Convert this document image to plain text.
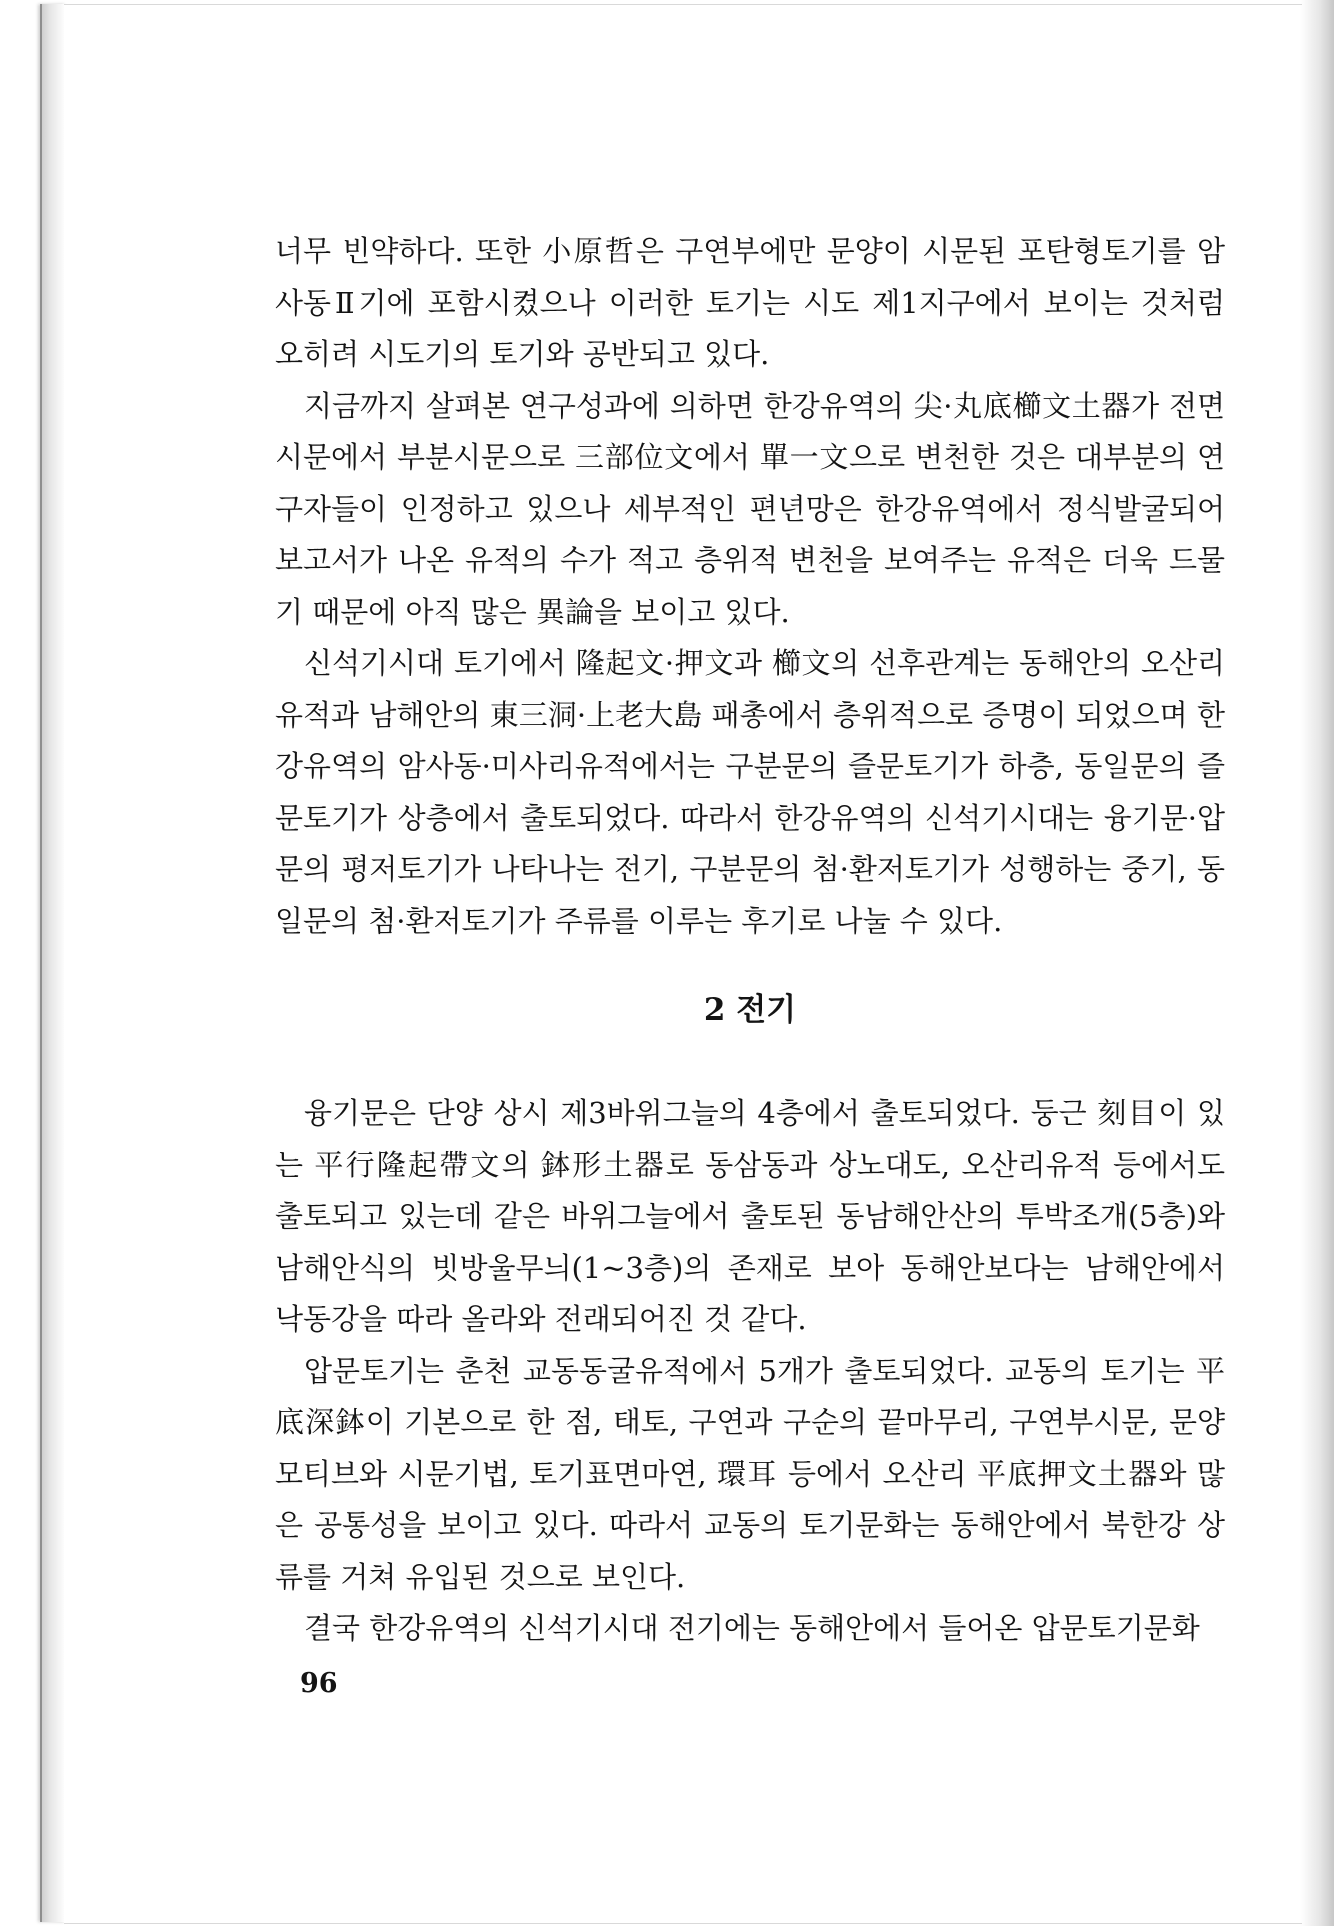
너무 빈약하다. 또한 小原哲은 구연부에만 문양이 시문된 포탄형토기를 암사동Ⅱ기에 포함시켰으나 이러한 토기는 시도 제1지구에서 보이는 것처럼 오히려 시도기의 토기와 공반되고 있다.

지금까지 살펴본 연구성과에 의하면 한강유역의 尖·丸底櫛文土器가 전면시문에서 부분시문으로 三部位文에서 單一文으로 변천한 것은 대부분의 연구자들이 인정하고 있으나 세부적인 편년망은 한강유역에서 정식발굴되어 보고서가 나온 유적의 수가 적고 층위적 변천을 보여주는 유적은 더욱 드물기 때문에 아직 많은 異論을 보이고 있다.

신석기시대 토기에서 隆起文·押文과 櫛文의 선후관계는 동해안의 오산리유적과 남해안의 東三洞·上老大島 패총에서 층위적으로 증명이 되었으며 한강유역의 암사동·미사리유적에서는 구분문의 즐문토기가 하층, 동일문의 즐문토기가 상층에서 출토되었다. 따라서 한강유역의 신석기시대는 융기문·압문의 평저토기가 나타나는 전기, 구분문의 첨·환저토기가 성행하는 중기, 동일문의 첨·환저토기가 주류를 이루는 후기로 나눌 수 있다.

2 전기

융기문은 단양 상시 제3바위그늘의 4층에서 출토되었다. 둥근 刻目이 있는 平行隆起帶文의 鉢形土器로 동삼동과 상노대도, 오산리유적 등에서도 출토되고 있는데 같은 바위그늘에서 출토된 동남해안산의 투박조개(5층)와 남해안식의 빗방울무늬(1~3층)의 존재로 보아 동해안보다는 남해안에서 낙동강을 따라 올라와 전래되어진 것 같다.

압문토기는 춘천 교동동굴유적에서 5개가 출토되었다. 교동의 토기는 平底深鉢이 기본으로 한 점, 태토, 구연과 구순의 끝마무리, 구연부시문, 문양 모티브와 시문기법, 토기표면마연, 環耳 등에서 오산리 平底押文土器와 많은 공통성을 보이고 있다. 따라서 교동의 토기문화는 동해안에서 북한강 상류를 거쳐 유입된 것으로 보인다.

결국 한강유역의 신석기시대 전기에는 동해안에서 들어온 압문토기문화

96
